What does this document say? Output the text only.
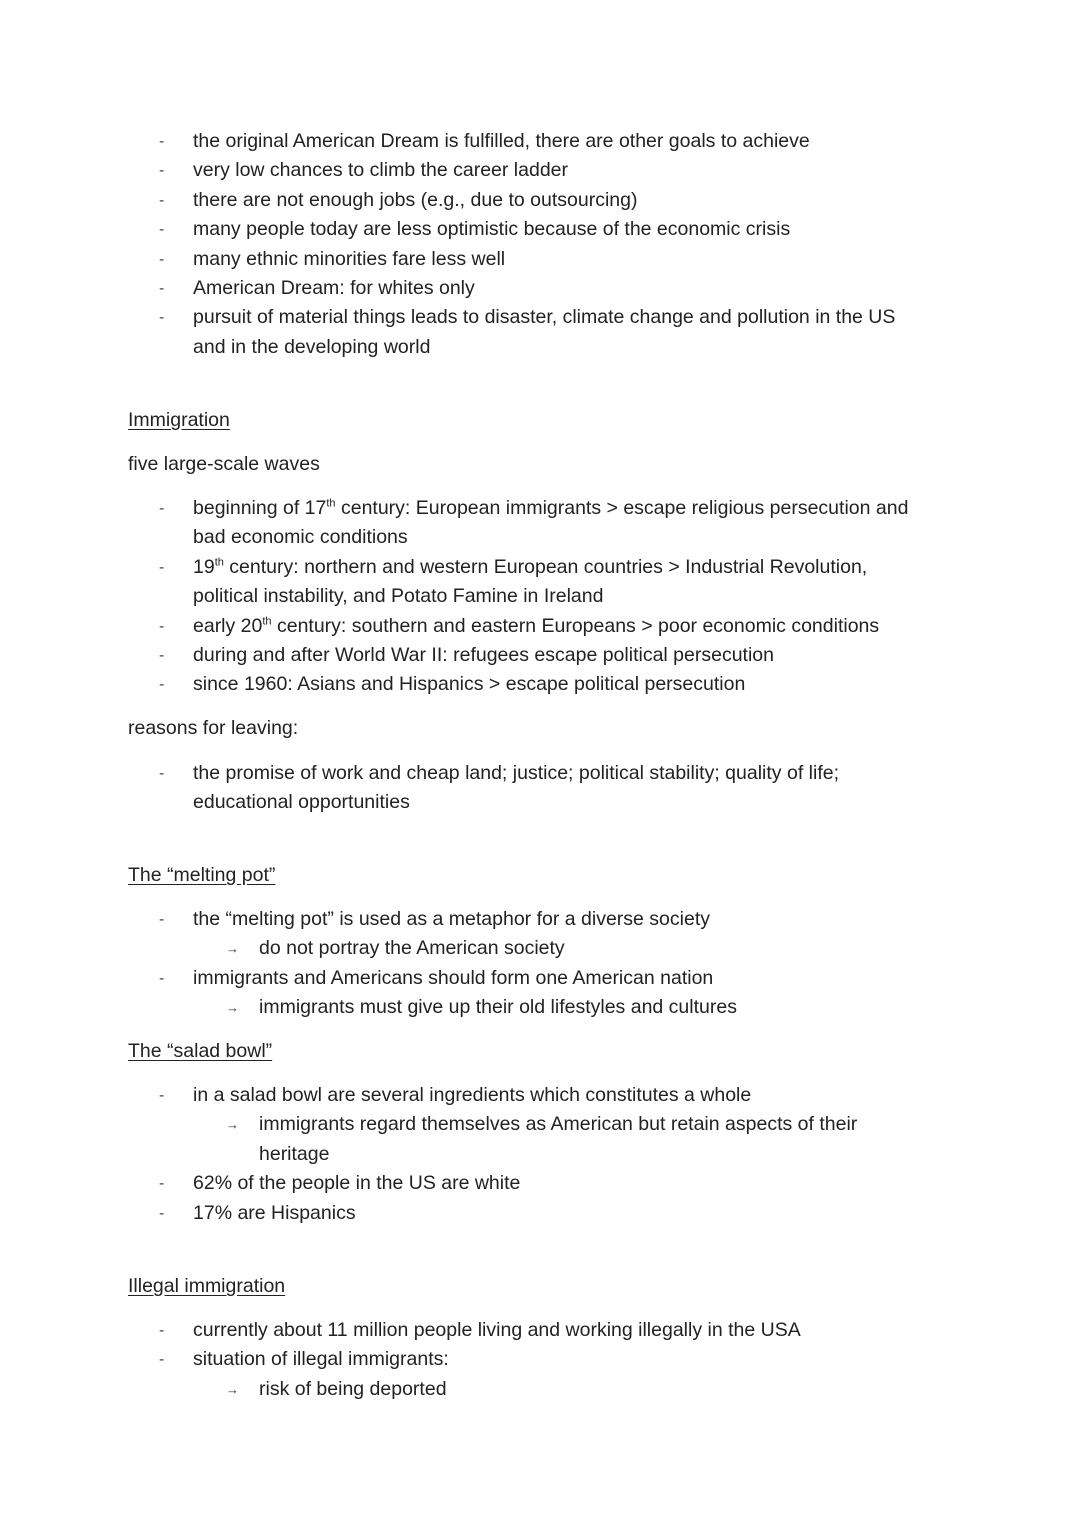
- the original American Dream is fulfilled, there are other goals to achieve
- very low chances to climb the career ladder
- there are not enough jobs (e.g., due to outsourcing)
- many people today are less optimistic because of the economic crisis
- many ethnic minorities fare less well
- American Dream: for whites only
- pursuit of material things leads to disaster, climate change and pollution in the US
and in the developing world
Immigration
five large-scale waves
- beginning of 17th century: European immigrants > escape religious persecution and
bad economic conditions
- 19th century: northern and western European countries > Industrial Revolution,
political instability, and Potato Famine in Ireland
- early 20th century: southern and eastern Europeans > poor economic conditions
- during and after World War II: refugees escape political persecution
- since 1960: Asians and Hispanics > escape political persecution
reasons for leaving:
- the promise of work and cheap land; justice; political stability; quality of life;
educational opportunities
The “melting pot”
- the “melting pot” is used as a metaphor for a diverse society
→ do not portray the American society
- immigrants and Americans should form one American nation
→ immigrants must give up their old lifestyles and cultures
The “salad bowl”
- in a salad bowl are several ingredients which constitutes a whole
→ immigrants regard themselves as American but retain aspects of their
heritage
- 62% of the people in the US are white
- 17% are Hispanics
Illegal immigration
- currently about 11 million people living and working illegally in the USA
- situation of illegal immigrants:
→ risk of being deported
